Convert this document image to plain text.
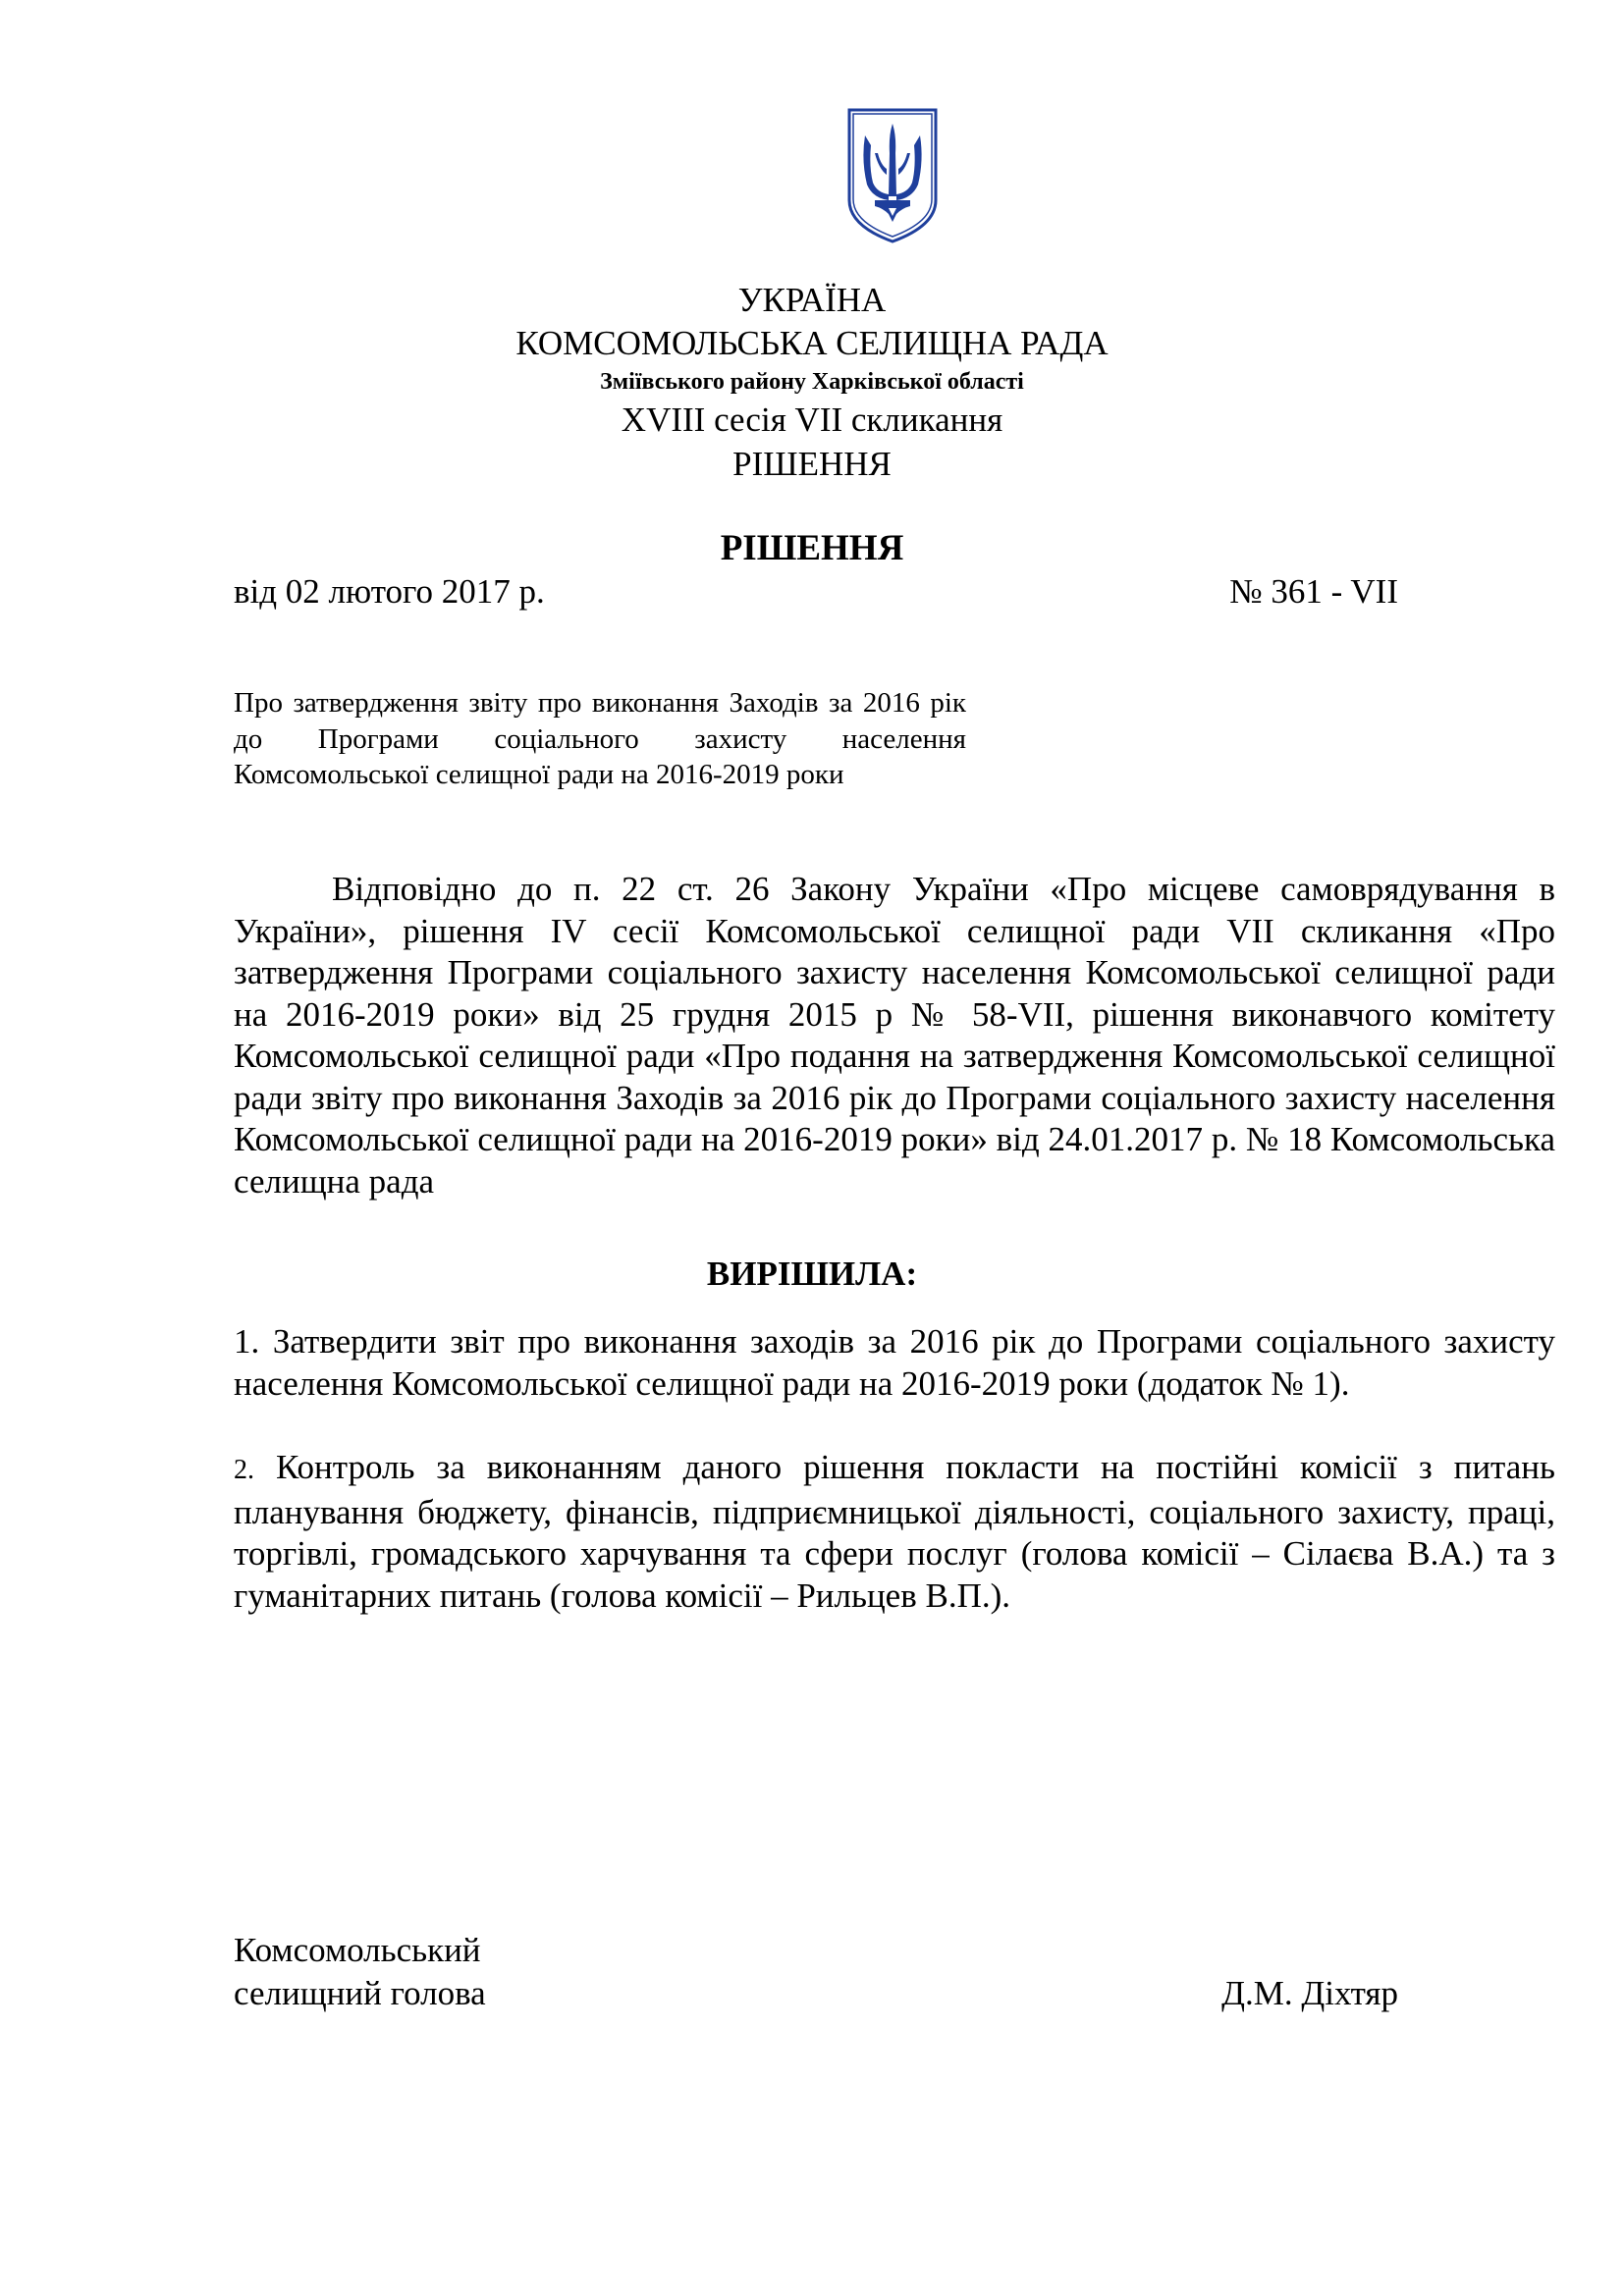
УКРАЇНА
КОМСОМОЛЬСЬКА СЕЛИЩНА РАДА
Зміївського району Харківської області
XVIII сесія VII скликання
РІШЕННЯ
РІШЕННЯ
від 02 лютого 2017 р.	№ 361 - VII
Про затвердження звіту про виконання Заходів за 2016 рік до Програми соціального захисту населення Комсомольської селищної ради на 2016-2019 роки
Відповідно до п. 22 ст. 26 Закону України «Про місцеве самоврядування в України», рішення IV сесії Комсомольської селищної ради VII скликання «Про затвердження Програми соціального захисту населення Комсомольської селищної ради на 2016-2019 роки» від 25 грудня 2015 р № 58-VII, рішення виконавчого комітету Комсомольської селищної ради «Про подання на затвердження Комсомольської селищної ради звіту про виконання Заходів за 2016 рік до Програми соціального захисту населення Комсомольської селищної ради на 2016-2019 роки» від 24.01.2017 р. № 18 Комсомольська селищна рада
ВИРІШИЛА:
1. Затвердити звіт про виконання заходів за 2016 рік до Програми соціального захисту населення Комсомольської селищної ради на 2016-2019 роки (додаток № 1).
2. Контроль за виконанням даного рішення покласти на постійні комісії з питань планування бюджету, фінансів, підприємницької діяльності, соціального захисту, праці, торгівлі, громадського харчування та сфери послуг (голова комісії – Сілаєва В.А.) та з гуманітарних питань (голова комісії – Рильцев В.П.).
Комсомольський
селищний голова	Д.М. Діхтяр
